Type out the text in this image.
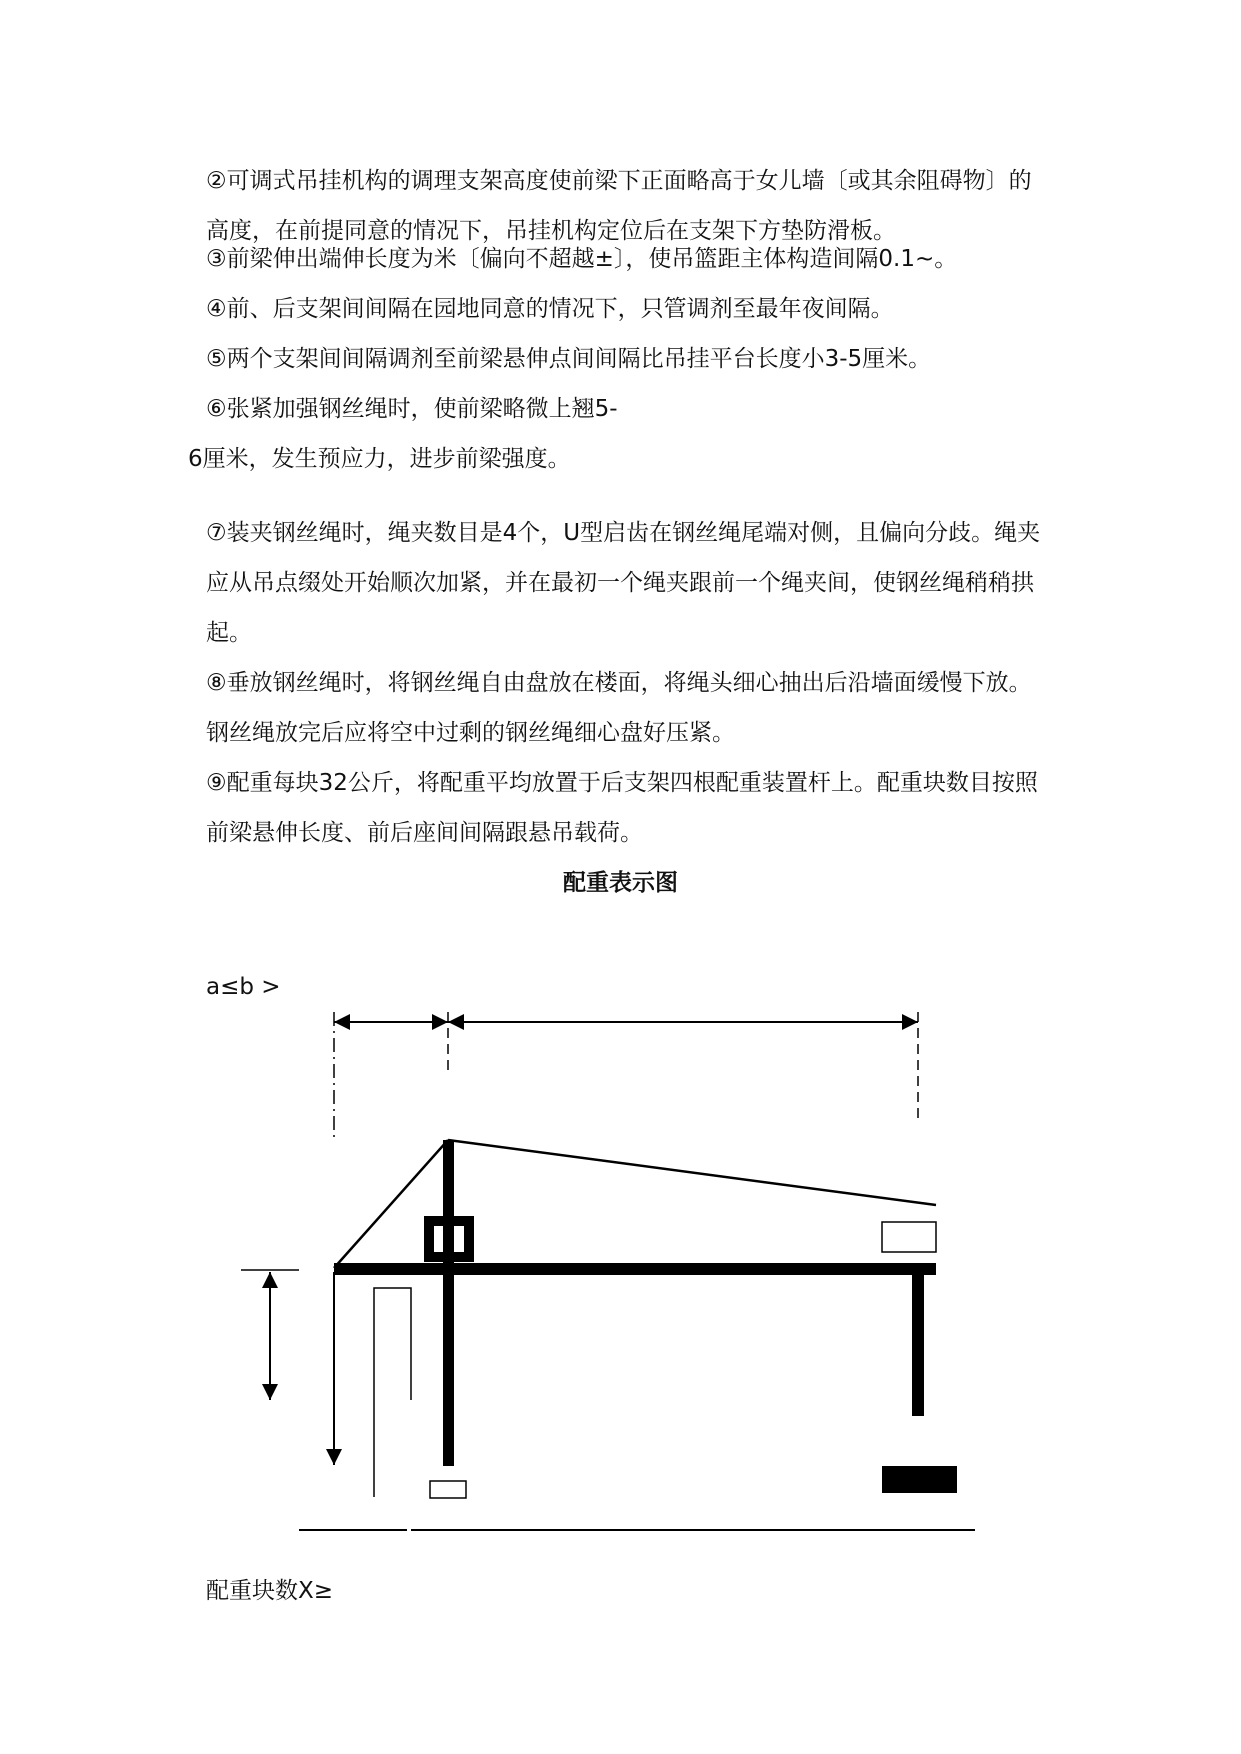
②可调式吊挂机构的调理支架高度使前梁下正面略高于女儿墙〔或其余阻碍物〕的高度，在前提同意的情况下，吊挂机构定位后在支架下方垫防滑板。
③前梁伸出端伸长度为米〔偏向不超越±〕，使吊篮距主体构造间隔0.1~。
④前、后支架间间隔在园地同意的情况下，只管调剂至最年夜间隔。
⑤两个支架间间隔调剂至前梁悬伸点间间隔比吊挂平台长度小3-5厘米。
⑥张紧加强钢丝绳时，使前梁略微上翘5-
6厘米，发生预应力，进步前梁强度。
⑦装夹钢丝绳时，绳夹数目是4个，U型启齿在钢丝绳尾端对侧，且偏向分歧。绳夹应从吊点缀处开始顺次加紧，并在最初一个绳夹跟前一个绳夹间，使钢丝绳稍稍拱起。
⑧垂放钢丝绳时，将钢丝绳自由盘放在楼面，将绳头细心抽出后沿墙面缓慢下放。钢丝绳放完后应将空中过剩的钢丝绳细心盘好压紧。
⑨配重每块32公斤，将配重平均放置于后支架四根配重装置杆上。配重块数目按照前梁悬伸长度、前后座间间隔跟悬吊载荷。
配重表示图
a≤b >
配重块数X≥
